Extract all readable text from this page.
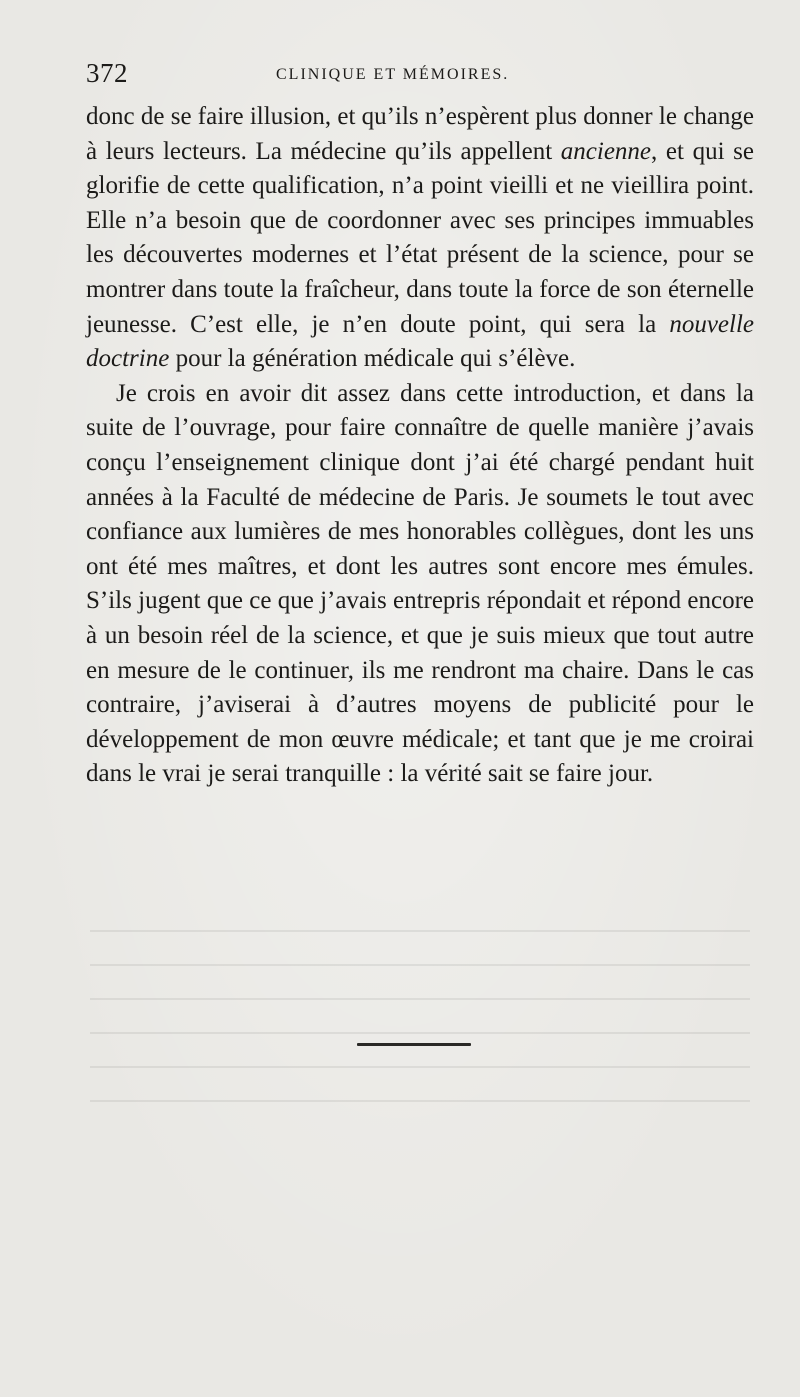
372	CLINIQUE ET MÉMOIRES.

donc de se faire illusion, et qu’ils n’espèrent plus donner le change à leurs lecteurs. La médecine qu’ils appellent ancienne, et qui se glorifie de cette qualification, n’a point vieilli et ne vieillira point. Elle n’a besoin que de coordonner avec ses principes immuables les découvertes modernes et l’état présent de la science, pour se montrer dans toute la fraîcheur, dans toute la force de son éternelle jeunesse. C’est elle, je n’en doute point, qui sera la nouvelle doctrine pour la génération médicale qui s’élève.

Je crois en avoir dit assez dans cette introduction, et dans la suite de l’ouvrage, pour faire connaître de quelle manière j’avais conçu l’enseignement clinique dont j’ai été chargé pendant huit années à la Faculté de médecine de Paris. Je soumets le tout avec confiance aux lumières de mes honorables collègues, dont les uns ont été mes maîtres, et dont les autres sont encore mes émules. S’ils jugent que ce que j’avais entrepris répondait et répond encore à un besoin réel de la science, et que je suis mieux que tout autre en mesure de le continuer, ils me rendront ma chaire. Dans le cas contraire, j’aviserai à d’autres moyens de publicité pour le développement de mon œuvre médicale; et tant que je me croirai dans le vrai je serai tranquille : la vérité sait se faire jour.
